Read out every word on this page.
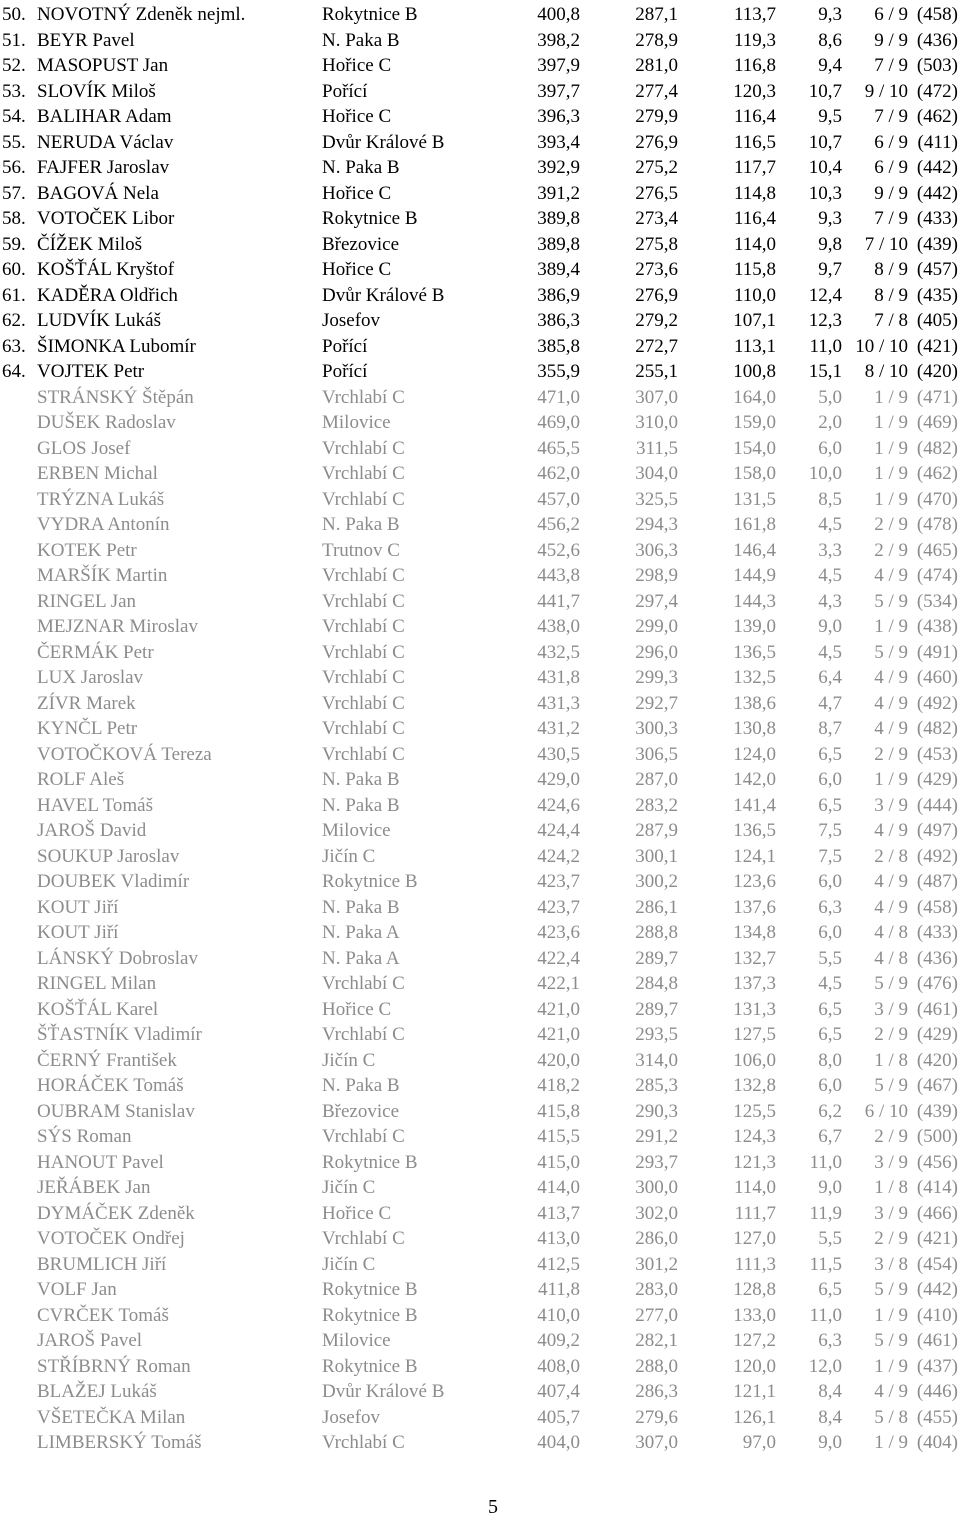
50. NOVOTNÝ Zdeněk nejml.	Rokytnice B	400,8	287,1	113,7 9,3 6 / 9 (458)
51. BEYR Pavel	N. Paka B	398,2	278,9	119,3 8,6 9 / 9 (436)
52. MASOPUST Jan	Hořice C	397,9	281,0	116,8 9,4 7 / 9 (503)
53. SLOVÍK Miloš	Pořící	397,7	277,4	120,3 10,7 9 / 10 (472)
54. BALIHAR Adam	Hořice C	396,3	279,9	116,4 9,5 7 / 9 (462)
55. NERUDA Václav	Dvůr Králové B	393,4	276,9	116,5 10,7 6 / 9 (411)
56. FAJFER Jaroslav	N. Paka B	392,9	275,2	117,7 10,4 6 / 9 (442)
57. BAGOVÁ Nela	Hořice C	391,2	276,5	114,8 10,3 9 / 9 (442)
58. VOTOČEK Libor	Rokytnice B	389,8	273,4	116,4 9,3 7 / 9 (433)
59. ČÍŽEK Miloš	Březovice	389,8	275,8	114,0 9,8 7 / 10 (439)
60. KOŠŤÁL Kryštof	Hořice C	389,4	273,6	115,8 9,7 8 / 9 (457)
61. KADĚRA Oldřich	Dvůr Králové B	386,9	276,9	110,0 12,4 8 / 9 (435)
62. LUDVÍK Lukáš	Josefov	386,3	279,2	107,1 12,3 7 / 8 (405)
63. ŠIMONKA Lubomír	Pořící	385,8	272,7	113,1 11,0 10 / 10 (421)
64. VOJTEK Petr	Pořící	355,9	255,1	100,8 15,1 8 / 10 (420)
STRÁNSKÝ Štěpán	Vrchlabí C	471,0	307,0	164,0 5,0 1 / 9 (471)
DUŠEK Radoslav	Milovice	469,0	310,0	159,0 2,0 1 / 9 (469)
GLOS Josef	Vrchlabí C	465,5	311,5	154,0 6,0 1 / 9 (482)
ERBEN Michal	Vrchlabí C	462,0	304,0	158,0 10,0 1 / 9 (462)
TRÝZNA Lukáš	Vrchlabí C	457,0	325,5	131,5 8,5 1 / 9 (470)
VYDRA Antonín	N. Paka B	456,2	294,3	161,8 4,5 2 / 9 (478)
KOTEK Petr	Trutnov C	452,6	306,3	146,4 3,3 2 / 9 (465)
MARŠÍK Martin	Vrchlabí C	443,8	298,9	144,9 4,5 4 / 9 (474)
RINGEL Jan	Vrchlabí C	441,7	297,4	144,3 4,3 5 / 9 (534)
MEJZNAR Miroslav	Vrchlabí C	438,0	299,0	139,0 9,0 1 / 9 (438)
ČERMÁK Petr	Vrchlabí C	432,5	296,0	136,5 4,5 5 / 9 (491)
LUX Jaroslav	Vrchlabí C	431,8	299,3	132,5 6,4 4 / 9 (460)
ZÍVR Marek	Vrchlabí C	431,3	292,7	138,6 4,7 4 / 9 (492)
KYNČL Petr	Vrchlabí C	431,2	300,3	130,8 8,7 4 / 9 (482)
VOTOČKOVÁ Tereza	Vrchlabí C	430,5	306,5	124,0 6,5 2 / 9 (453)
ROLF Aleš	N. Paka B	429,0	287,0	142,0 6,0 1 / 9 (429)
HAVEL Tomáš	N. Paka B	424,6	283,2	141,4 6,5 3 / 9 (444)
JAROŠ David	Milovice	424,4	287,9	136,5 7,5 4 / 9 (497)
SOUKUP Jaroslav	Jičín C	424,2	300,1	124,1 7,5 2 / 8 (492)
DOUBEK Vladimír	Rokytnice B	423,7	300,2	123,6 6,0 4 / 9 (487)
KOUT Jiří	N. Paka B	423,7	286,1	137,6 6,3 4 / 9 (458)
KOUT Jiří	N. Paka A	423,6	288,8	134,8 6,0 4 / 8 (433)
LÁNSKÝ Dobroslav	N. Paka A	422,4	289,7	132,7 5,5 4 / 8 (436)
RINGEL Milan	Vrchlabí C	422,1	284,8	137,3 4,5 5 / 9 (476)
KOŠŤÁL Karel	Hořice C	421,0	289,7	131,3 6,5 3 / 9 (461)
ŠŤASTNÍK Vladimír	Vrchlabí C	421,0	293,5	127,5 6,5 2 / 9 (429)
ČERNÝ František	Jičín C	420,0	314,0	106,0 8,0 1 / 8 (420)
HORÁČEK Tomáš	N. Paka B	418,2	285,3	132,8 6,0 5 / 9 (467)
OUBRAM Stanislav	Březovice	415,8	290,3	125,5 6,2 6 / 10 (439)
SÝS Roman	Vrchlabí C	415,5	291,2	124,3 6,7 2 / 9 (500)
HANOUT Pavel	Rokytnice B	415,0	293,7	121,3 11,0 3 / 9 (456)
JEŘÁBEK Jan	Jičín C	414,0	300,0	114,0 9,0 1 / 8 (414)
DYMÁČEK Zdeněk	Hořice C	413,7	302,0	111,7 11,9 3 / 9 (466)
VOTOČEK Ondřej	Vrchlabí C	413,0	286,0	127,0 5,5 2 / 9 (421)
BRUMLICH Jiří	Jičín C	412,5	301,2	111,3 11,5 3 / 8 (454)
VOLF Jan	Rokytnice B	411,8	283,0	128,8 6,5 5 / 9 (442)
CVRČEK Tomáš	Rokytnice B	410,0	277,0	133,0 11,0 1 / 9 (410)
JAROŠ Pavel	Milovice	409,2	282,1	127,2 6,3 5 / 9 (461)
STŘÍBRNÝ Roman	Rokytnice B	408,0	288,0	120,0 12,0 1 / 9 (437)
BLAŽEJ Lukáš	Dvůr Králové B	407,4	286,3	121,1 8,4 4 / 9 (446)
VŠETEČKA Milan	Josefov	405,7	279,6	126,1 8,4 5 / 8 (455)
LIMBERSKÝ Tomáš	Vrchlabí C	404,0	307,0	97,0 9,0 1 / 9 (404)
5
